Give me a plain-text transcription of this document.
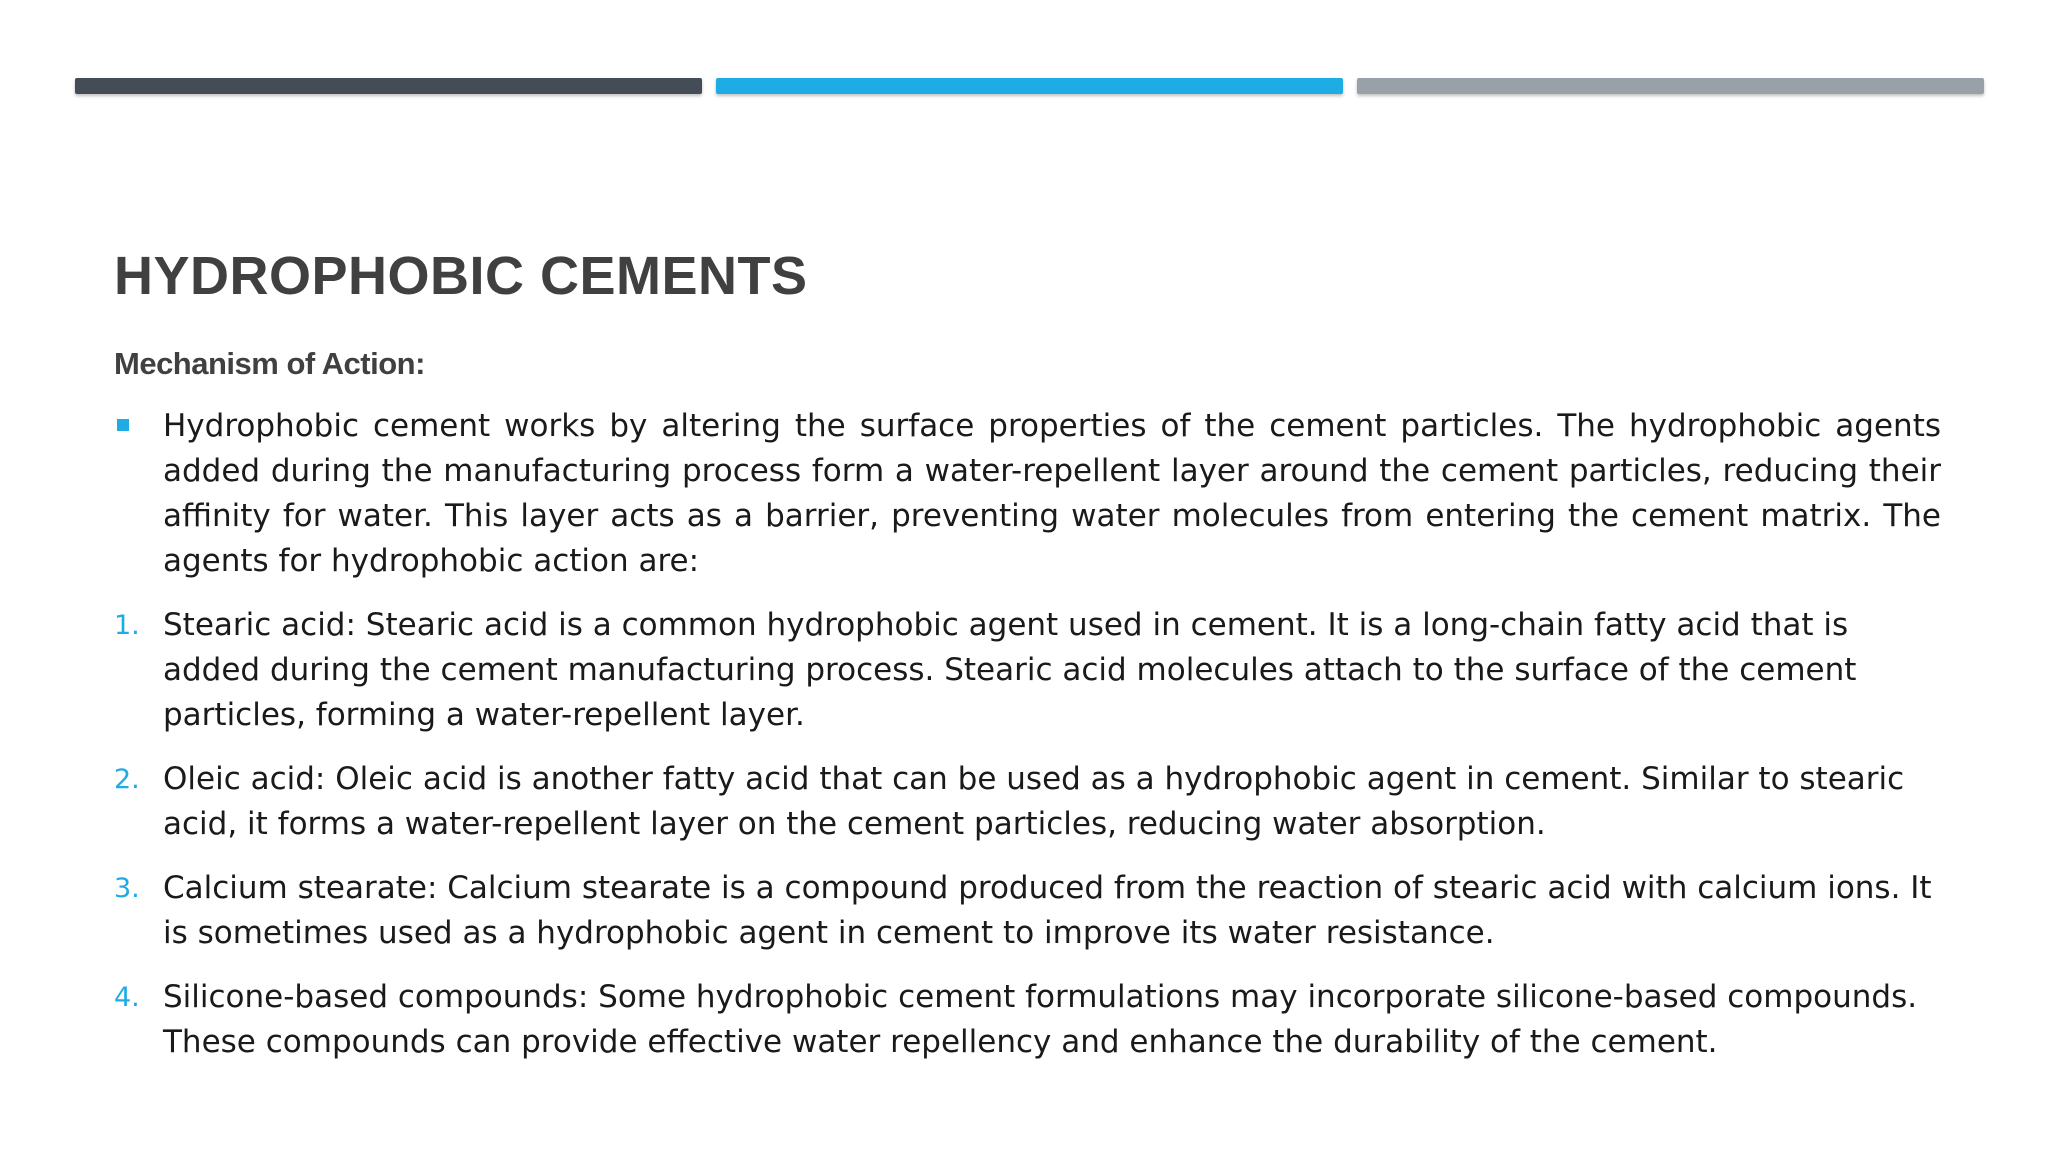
HYDROPHOBIC CEMENTS
Mechanism of Action:
Hydrophobic cement works by altering the surface properties of the cement particles. The hydrophobic agents added during the manufacturing process form a water-repellent layer around the cement particles, reducing their affinity for water. This layer acts as a barrier, preventing water molecules from entering the cement matrix. The agents for hydrophobic action are:
1. Stearic acid: Stearic acid is a common hydrophobic agent used in cement. It is a long-chain fatty acid that is added during the cement manufacturing process. Stearic acid molecules attach to the surface of the cement particles, forming a water-repellent layer.
2. Oleic acid: Oleic acid is another fatty acid that can be used as a hydrophobic agent in cement. Similar to stearic acid, it forms a water-repellent layer on the cement particles, reducing water absorption.
3. Calcium stearate: Calcium stearate is a compound produced from the reaction of stearic acid with calcium ions. It is sometimes used as a hydrophobic agent in cement to improve its water resistance.
4. Silicone-based compounds: Some hydrophobic cement formulations may incorporate silicone-based compounds. These compounds can provide effective water repellency and enhance the durability of the cement.
